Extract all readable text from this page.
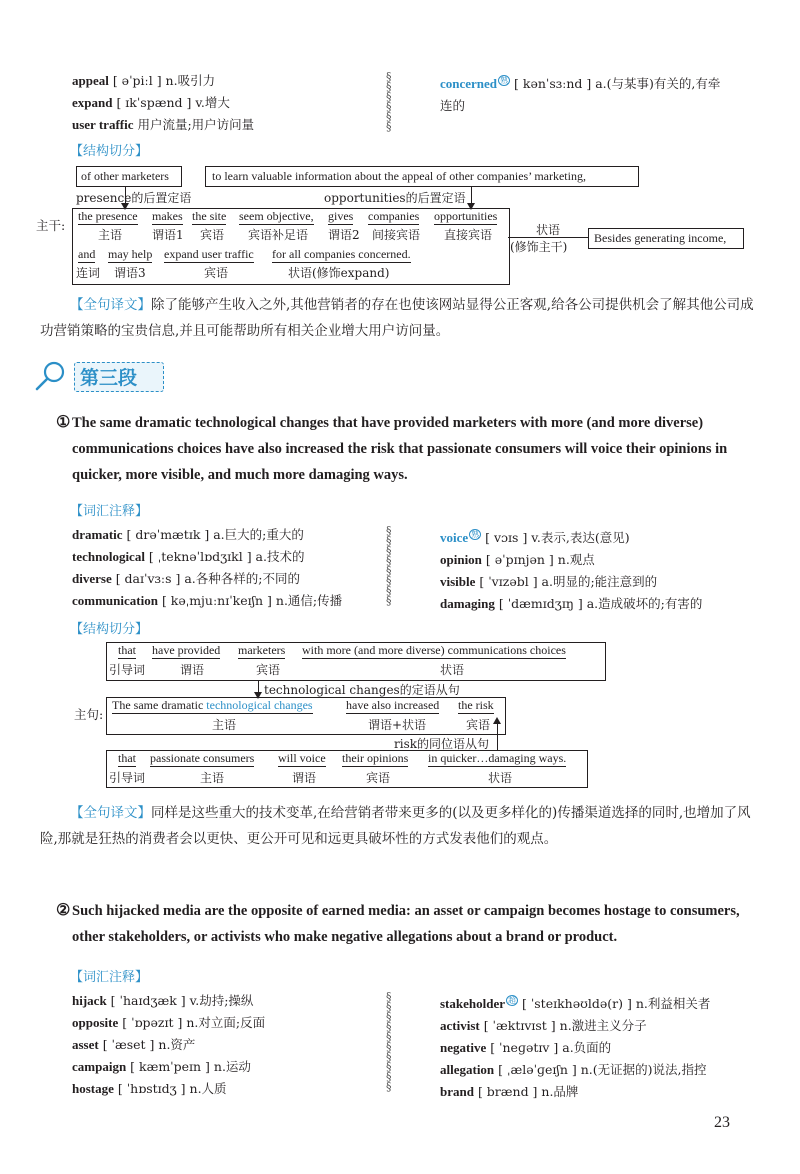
appeal [ əˈpiːl ] n.吸引力
expand [ ɪkˈspænd ] v.增大
user traffic 用户流量;用户访问量
§
§
§
§
§
§
concerned $^熟$ [ kənˈsɜːnd ] a.(与某事)有关的,有牵
连的
【结构切分】
of other marketers	to learn valuable information about the appeal of other companies’ marketing,
presence的后置定语	opportunities的后置定语
主干:
the presence
主语
makes
谓语1
the site
宾语
seem objective,
宾语补足语
gives
谓语2
companies
间接宾语
opportunities
直接宾语
and
连词
may help
谓语3
expand user traffic
宾语
for all companies concerned.
状语(修饰expand)
状语
(修饰主干)
Besides generating income,
【全句译文】除了能够产生收入之外,其他营销者的存在也使该网站显得公正客观,给各公司提供机会了解其他公司成功营销策略的宝贵信息,并且可能帮助所有相关企业增大用户访问量。
第三段
① The same dramatic technological changes that have provided marketers with more (and more diverse) communications choices have also increased the risk that passionate consumers will voice their opinions in quicker, more visible, and much more damaging ways.
【词汇注释】
dramatic [ drəˈmætɪk ] a.巨大的;重大的
technological [ ˌteknəˈlɒdʒɪkl ] a.技术的
diverse [ daɪˈvɜːs ] a.各种各样的;不同的
communication [ kəˌmjuːnɪˈkeɪʃn ] n.通信;传播
§
§
§
§
§
§
§
§
voice $^熟$ [ vɔɪs ] v.表示,表达(意见)
opinion [ əˈpɪnjən ] n.观点
visible [ ˈvɪzəbl ] a.明显的;能注意到的
damaging [ ˈdæmɪdʒɪŋ ] a.造成破坏的;有害的
【结构切分】
that
引导词
have provided
谓语
marketers
宾语
with more (and more diverse) communications choices
状语
technological changes的定语从句
主句:
The same dramatic technological changes
主语
have also increased
谓语+状语
the risk
宾语
risk的同位语从句
that
引导词
passionate consumers
主语
will voice
谓语
their opinions
宾语
in quicker…damaging ways.
状语
【全句译文】同样是这些重大的技术变革,在给营销者带来更多的(以及更多样化的)传播渠道选择的同时,也增加了风险,那就是狂热的消费者会以更快、更公开可见和远更具破坏性的方式发表他们的观点。
② Such hijacked media are the opposite of earned media: an asset or campaign becomes hostage to consumers, other stakeholders, or activists who make negative allegations about a brand or product.
【词汇注释】
hijack [ ˈhaɪdʒæk ] v.劫持;操纵
opposite [ ˈɒpəzɪt ] n.对立面;反面
asset [ ˈæset ] n.资产
campaign [ kæmˈpeɪn ] n.运动
hostage [ ˈhɒstɪdʒ ] n.人质
§
§
§
§
§
§
§
§
§
§
stakeholder $^超$ [ ˈsteɪkhəʊldə(r) ] n.利益相关者
activist [ ˈæktɪvɪst ] n.激进主义分子
negative [ ˈneɡətɪv ] a.负面的
allegation [ ˌæləˈɡeɪʃn ] n.(无证据的)说法,指控
brand [ brænd ] n.品牌
23
